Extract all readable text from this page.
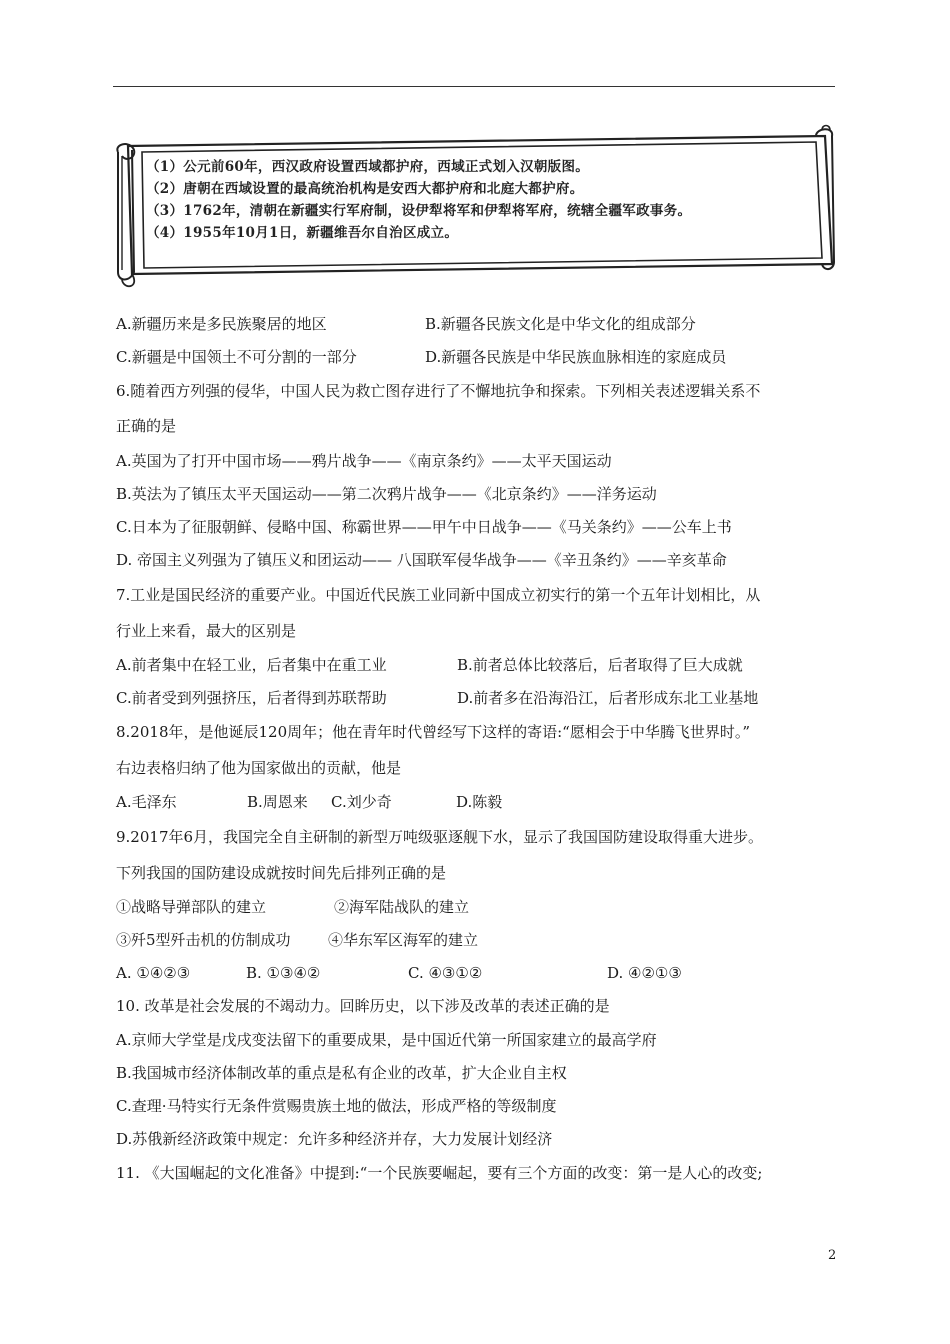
（1）公元前60年，西汉政府设置西域都护府，西域正式划入汉朝版图。
（2）唐朝在西域设置的最高统治机构是安西大都护府和北庭大都护府。
（3）1762年，清朝在新疆实行军府制，设伊犁将军和伊犁将军府，统辖全疆军政事务。
（4）1955年10月1日，新疆维吾尔自治区成立。
A.新疆历来是多民族聚居的地区	B.新疆各民族文化是中华文化的组成部分
C.新疆是中国领土不可分割的一部分	D.新疆各民族是中华民族血脉相连的家庭成员
6.随着西方列强的侵华，中国人民为救亡图存进行了不懈地抗争和探索。下列相关表述逻辑关系不
正确的是
A.英国为了打开中国市场——鸦片战争——《南京条约》——太平天国运动
B.英法为了镇压太平天国运动——第二次鸦片战争——《北京条约》——洋务运动
C.日本为了征服朝鲜、侵略中国、称霸世界——甲午中日战争——《马关条约》——公车上书
D. 帝国主义列强为了镇压义和团运动—— 八国联军侵华战争——《辛丑条约》——辛亥革命
7.工业是国民经济的重要产业。中国近代民族工业同新中国成立初实行的第一个五年计划相比，从
行业上来看，最大的区别是
A.前者集中在轻工业，后者集中在重工业	B.前者总体比较落后，后者取得了巨大成就
C.前者受到列强挤压，后者得到苏联帮助	D.前者多在沿海沿江，后者形成东北工业基地
8.2018年，是他诞辰120周年；他在青年时代曾经写下这样的寄语:“愿相会于中华腾飞世界时。”
右边表格归纳了他为国家做出的贡献，他是
A.毛泽东	B.周恩来 C.刘少奇	D.陈毅
9.2017年6月，我国完全自主研制的新型万吨级驱逐舰下水，显示了我国国防建设取得重大进步。
下列我国的国防建设成就按时间先后排列正确的是
①战略导弹部队的建立	②海军陆战队的建立
③歼5型歼击机的仿制成功 ④华东军区海军的建立
A. ①④②③	B. ①③④②	C. ④③①②	D. ④②①③
10. 改革是社会发展的不竭动力。回眸历史，以下涉及改革的表述正确的是
A.京师大学堂是戊戌变法留下的重要成果，是中国近代第一所国家建立的最高学府
B.我国城市经济体制改革的重点是私有企业的改革，扩大企业自主权
C.查理·马特实行无条件赏赐贵族土地的做法，形成严格的等级制度
D.苏俄新经济政策中规定：允许多种经济并存，大力发展计划经济
11. 《大国崛起的文化准备》中提到:“一个民族要崛起，要有三个方面的改变：第一是人心的改变;
2
